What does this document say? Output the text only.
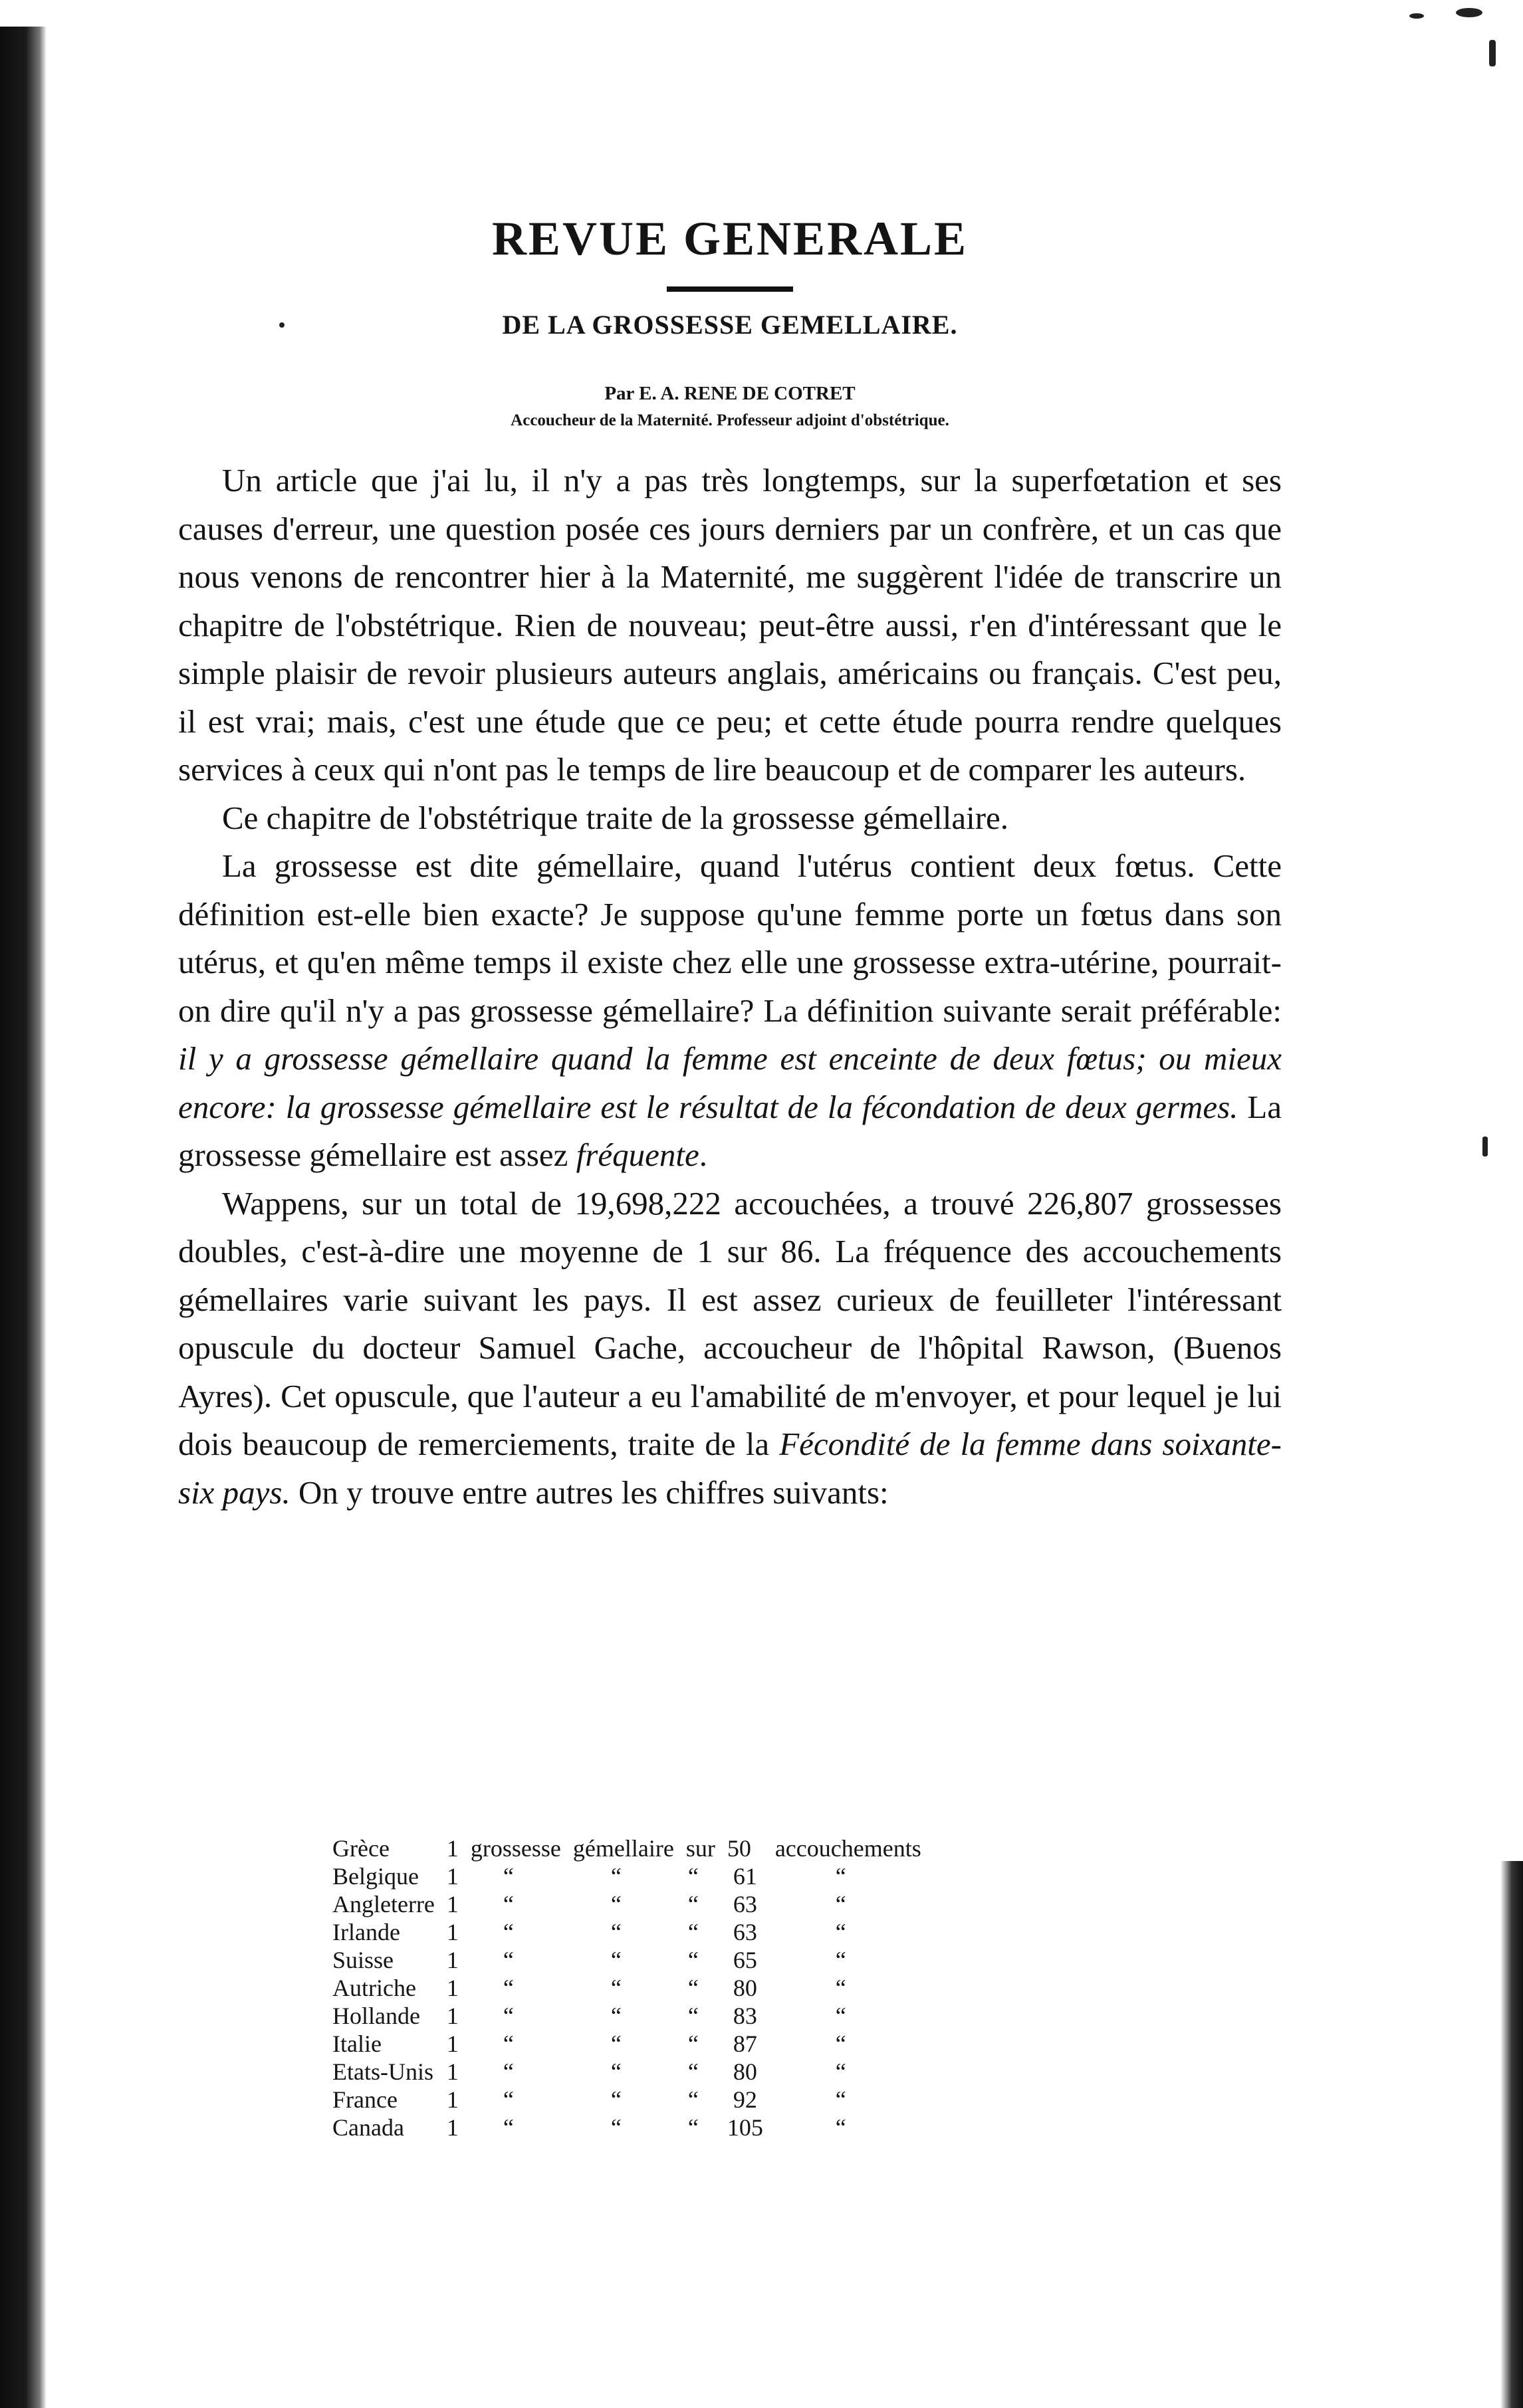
REVUE GENERALE
DE LA GROSSESSE GEMELLAIRE.

Par E. A. RENE DE COTRET

Accoucheur de la Maternité. Professeur adjoint d'obstétrique.

Un article que j'ai lu, il n'y a pas très longtemps, sur la superfœtation et ses causes d'erreur, une question posée ces jours derniers par un confrère, et un cas que nous venons de rencontrer hier à la Maternité, me suggèrent l'idée de transcrire un chapitre de l'obstétrique. Rien de nouveau; peut-être aussi, r'en d'intéressant que le simple plaisir de revoir plusieurs auteurs anglais, américains ou français. C'est peu, il est vrai; mais, c'est une étude que ce peu; et cette étude pourra rendre quelques services à ceux qui n'ont pas le temps de lire beaucoup et de comparer les auteurs.

Ce chapitre de l'obstétrique traite de la grossesse gémellaire.

La grossesse est dite gémellaire, quand l'utérus contient deux fœtus. Cette définition est-elle bien exacte? Je suppose qu'une femme porte un fœtus dans son utérus, et qu'en même temps il existe chez elle une grossesse extra-utérine, pourrait-on dire qu'il n'y a pas grossesse gémellaire? La définition suivante serait préférable: il y a grossesse gémellaire quand la femme est enceinte de deux fœtus; ou mieux encore: la grossesse gémellaire est le résultat de la fécondation de deux germes. La grossesse gémellaire est assez fréquente.

Wappens, sur un total de 19,698,222 accouchées, a trouvé 226,807 grossesses doubles, c'est-à-dire une moyenne de 1 sur 86. La fréquence des accouchements gémellaires varie suivant les pays. Il est assez curieux de feuilleter l'intéressant opuscule du docteur Samuel Gache, accoucheur de l'hôpital Rawson, (Buenos Ayres). Cet opuscule, que l'auteur a eu l'amabilité de m'envoyer, et pour lequel je lui dois beaucoup de remerciements, traite de la Fécondité de la femme dans soixante-six pays. On y trouve entre autres les chiffres suivants:

Grèce	1	grossesse	gémellaire	sur	50	accouchements
Belgique	1	“	“	“	61	“
Angleterre	1	“	“	“	63	“
Irlande	1	“	“	“	63	“
Suisse	1	“	“	“	65	“
Autriche	1	“	“	“	80	“
Hollande	1	“	“	“	83	“
Italie	1	“	“	“	87	“
Etats-Unis	1	“	“	“	80	“
France	1	“	“	“	92	“
Canada	1	“	“	“	105	“
